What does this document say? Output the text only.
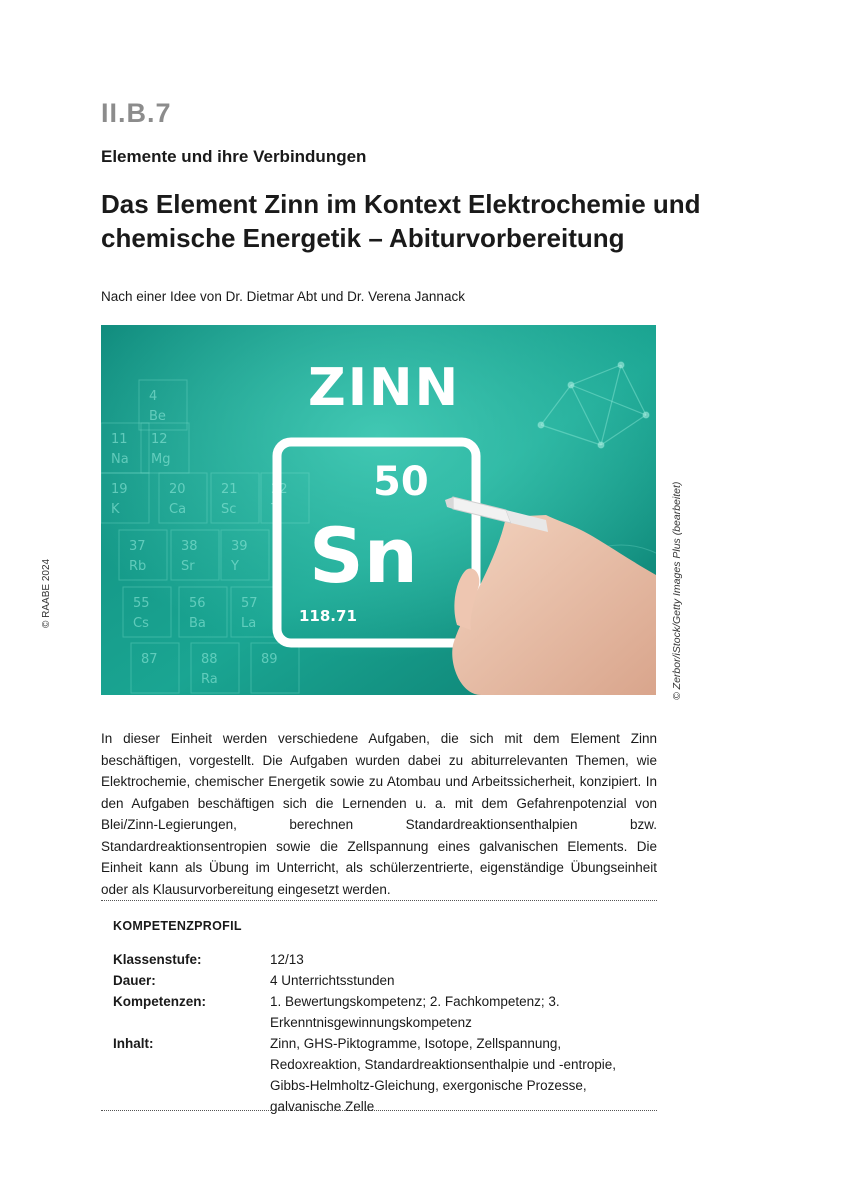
II.B.7
Elemente und ihre Verbindungen
Das Element Zinn im Kontext Elektrochemie und
chemische Energetik – Abiturvorbereitung
Nach einer Idee von Dr. Dietmar Abt und Dr. Verena Jannack
4
Be
12
Mg
11
Na
19
K
20
Ca
21
Sc
22
Ti
37
Rb
38
Sr
39
Y
55
Cs
56
Ba
57
La
87	88
Ra
89
ZINN
50
Sn
118.71	© Zerbor/iStock/Getty Images Plus (bearbeitet)
© RAABE 2024
In dieser Einheit werden verschiedene Aufgaben, die sich mit dem Element Zinn beschäftigen, vorgestellt. Die Aufgaben wurden dabei zu abiturrelevanten Themen, wie Elektrochemie, chemischer Energetik sowie zu Atombau und Arbeitssicherheit, konzipiert. In den Aufgaben beschäftigen sich die Lernenden u. a. mit dem Gefahrenpotenzial von Blei/Zinn-Legierungen, berechnen Standardreaktionsenthalpien bzw. Standardreaktionsentropien sowie die Zellspannung eines galvanischen Elements. Die Einheit kann als Übung im Unterricht, als schülerzentrierte, eigenständige Übungseinheit oder als Klausurvorbereitung eingesetzt werden.
KOMPETENZPROFIL
Klassenstufe:	12/13
Dauer:	4 Unterrichtsstunden
Kompetenzen:	1. Bewertungskompetenz; 2. Fachkompetenz; 3. Erkenntnisgewinnungskompetenz
Inhalt:	Zinn, GHS-Piktogramme, Isotope, Zellspannung, Redoxreaktion, Standardreaktionsenthalpie und -entropie, Gibbs-Helmholtz-Gleichung, exergonische Prozesse, galvanische Zelle
